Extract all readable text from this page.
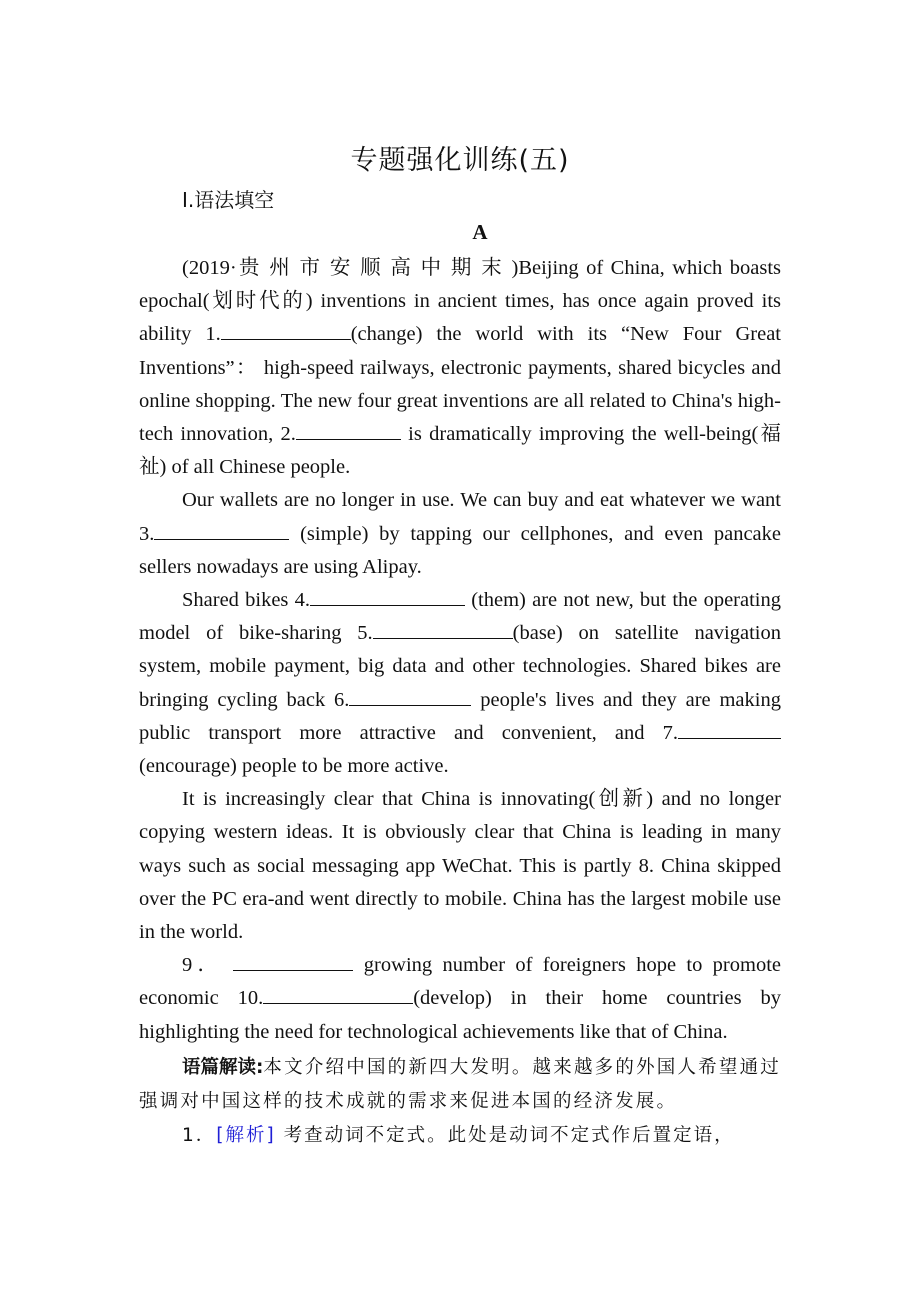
专题强化训练(五)
Ⅰ.语法填空
A

(2019·贵 州 市 安 顺 高 中 期 末 )Beijing of China, which boasts epochal(划时代的) inventions in ancient times, has once again proved its ability 1.	(change) the world with its “New Four Great Inventions”： high-speed railways, electronic payments, shared bicycles and online shopping. The new four great inventions are all related to China's high-tech innovation, 2.	is dramatically improving the well-being(福祉) of all Chinese people.

Our wallets are no longer in use. We can buy and eat whatever we want 3.	(simple) by tapping our cellphones, and even pancake sellers nowadays are using Alipay.

Shared bikes 4.	(them) are not new, but the operating model of bike-sharing 5.	(base) on satellite navigation system, mobile payment, big data and other technologies. Shared bikes are bringing cycling back 6.	people's lives and they are making public transport more attractive and convenient, and 7.(encourage) people to be more active.

It is increasingly clear that China is innovating(创新) and no longer copying western ideas. It is obviously clear that China is leading in many ways such as social messaging app WeChat. This is partly 8. China skipped over the PC era-and went directly to mobile. China has the largest mobile use in the world.

9．	growing number of foreigners hope to promote economic 10.	(develop) in their home countries by highlighting the need for technological achievements like that of China.

语篇解读:本文介绍中国的新四大发明。越来越多的外国人希望通过强调对中国这样的技术成就的需求来促进本国的经济发展。

1．[解析] 考查动词不定式。此处是动词不定式作后置定语，
